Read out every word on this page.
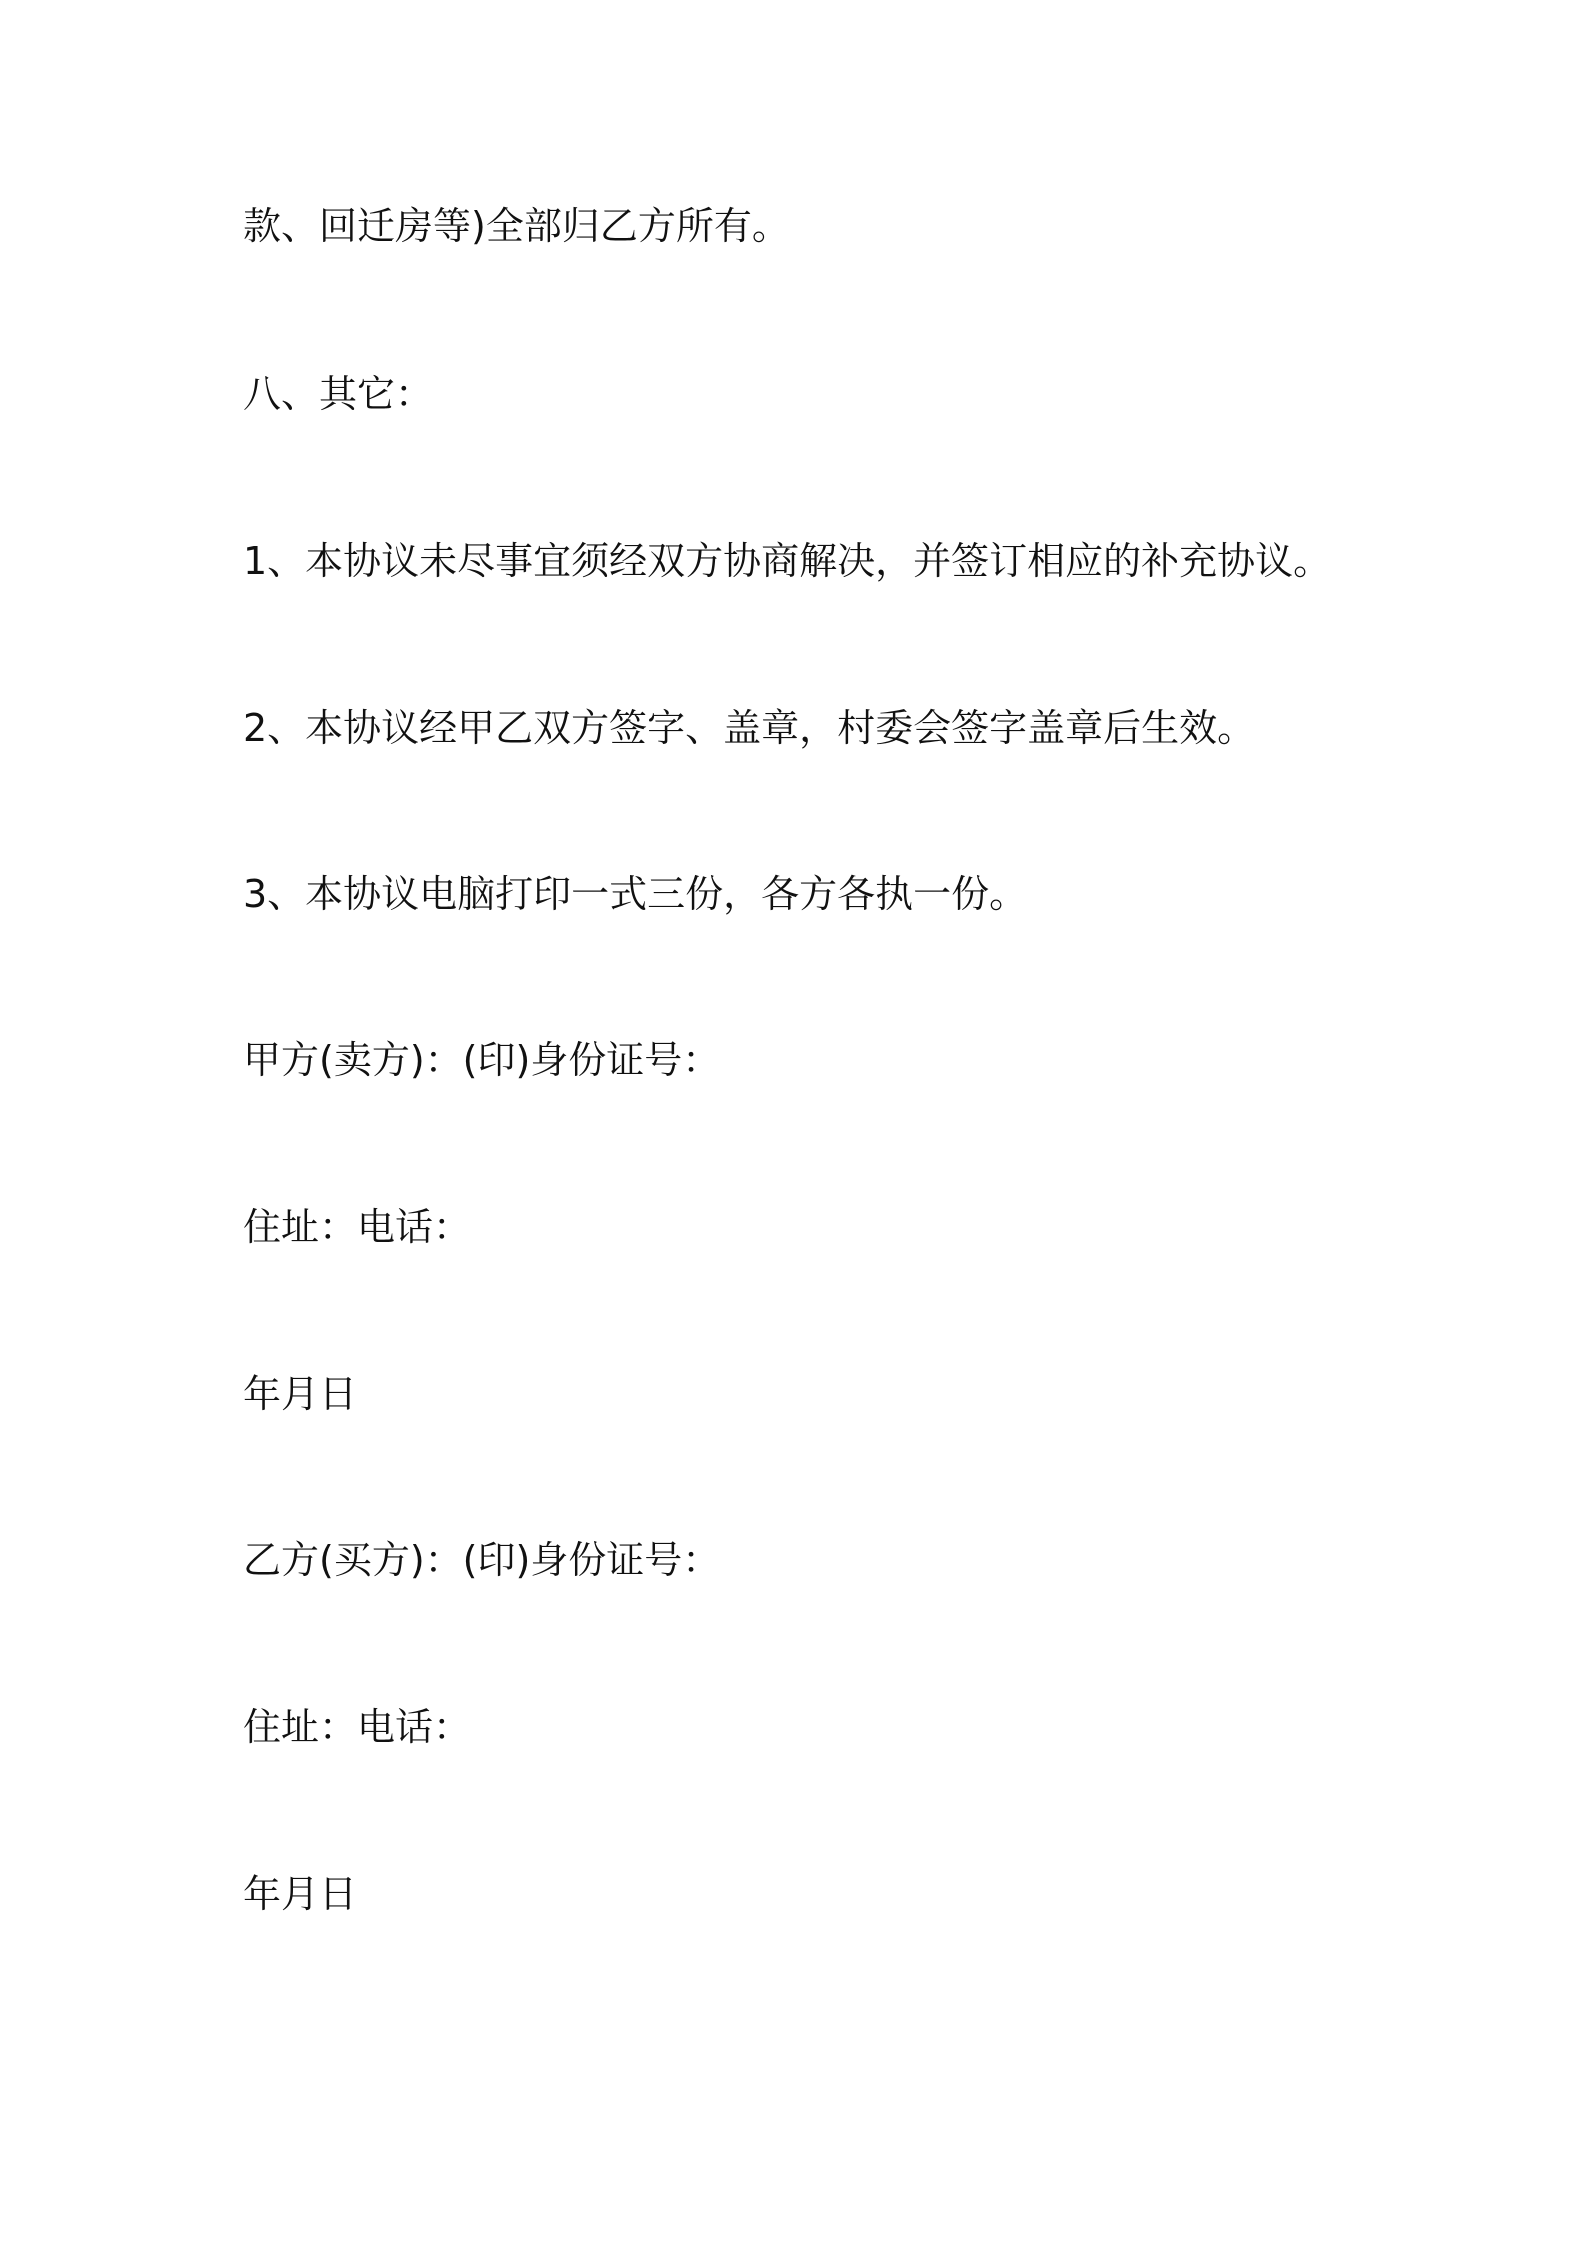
款、回迁房等)全部归乙方所有。

八、其它：

1、本协议未尽事宜须经双方协商解决，并签订相应的补充协议。

2、本协议经甲乙双方签字、盖章，村委会签字盖章后生效。

3、本协议电脑打印一式三份，各方各执一份。

甲方(卖方)：(印)身份证号：

住址：电话：

年月日

乙方(买方)：(印)身份证号：

住址：电话：

年月日
